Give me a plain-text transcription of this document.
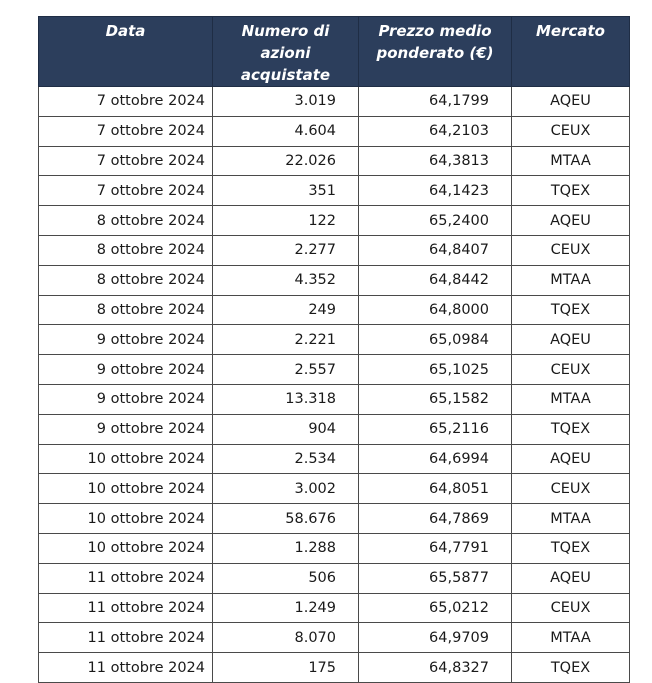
Data	Numero di azioni acquistate	Prezzo medio ponderato (€)	Mercato

7 ottobre 2024	3.019	64,1799	AQEU
7 ottobre 2024	4.604	64,2103	CEUX
7 ottobre 2024	22.026	64,3813	MTAA
7 ottobre 2024	351	64,1423	TQEX
8 ottobre 2024	122	65,2400	AQEU
8 ottobre 2024	2.277	64,8407	CEUX
8 ottobre 2024	4.352	64,8442	MTAA
8 ottobre 2024	249	64,8000	TQEX
9 ottobre 2024	2.221	65,0984	AQEU
9 ottobre 2024	2.557	65,1025	CEUX
9 ottobre 2024	13.318	65,1582	MTAA
9 ottobre 2024	904	65,2116	TQEX
10 ottobre 2024	2.534	64,6994	AQEU
10 ottobre 2024	3.002	64,8051	CEUX
10 ottobre 2024	58.676	64,7869	MTAA
10 ottobre 2024	1.288	64,7791	TQEX
11 ottobre 2024	506	65,5877	AQEU
11 ottobre 2024	1.249	65,0212	CEUX
11 ottobre 2024	8.070	64,9709	MTAA
11 ottobre 2024	175	64,8327	TQEX
